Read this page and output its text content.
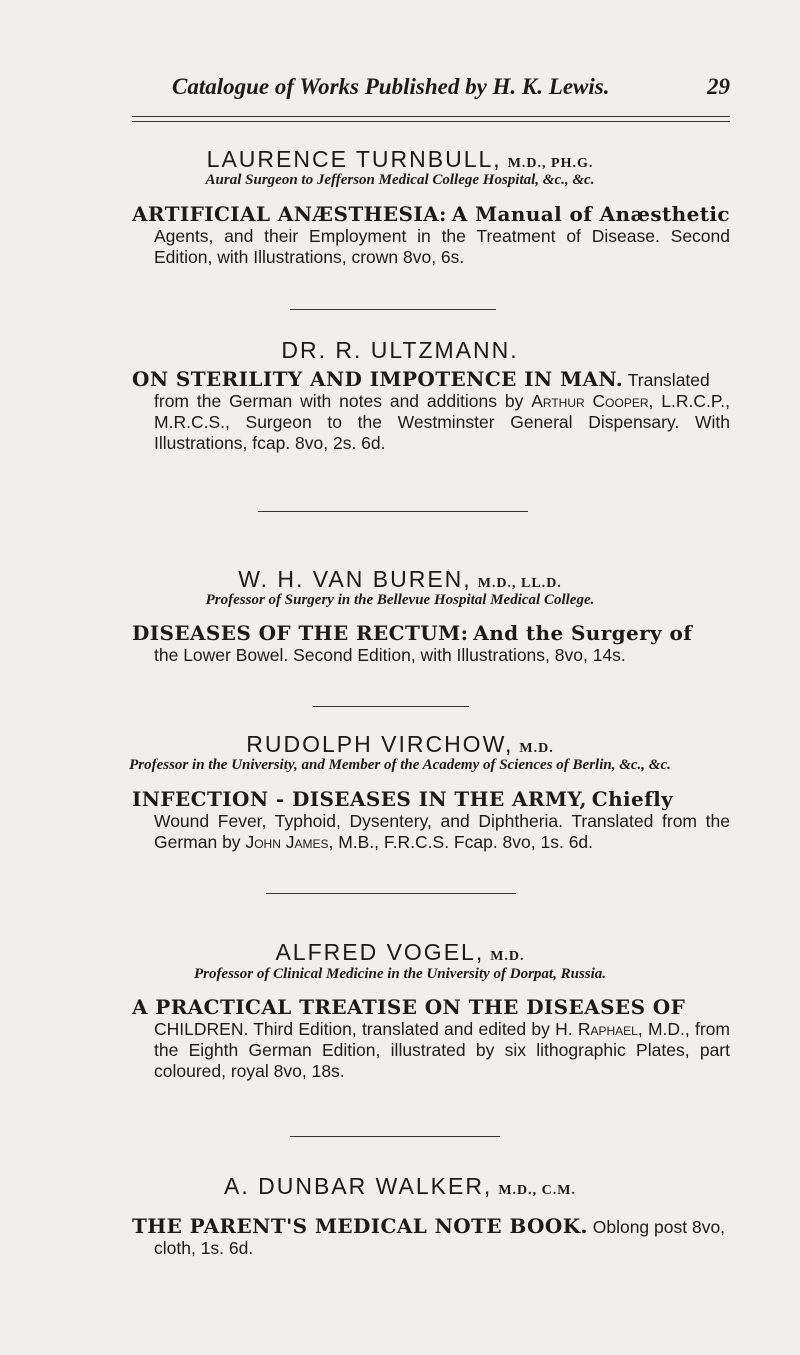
Catalogue of Works Published by H. K. Lewis.	29
LAURENCE TURNBULL, M.D., PH.G.
Aural Surgeon to Jefferson Medical College Hospital, &c., &c.
ARTIFICIAL ANÆSTHESIA: A Manual of Anæsthetic
Agents, and their Employment in the Treatment of Disease. Second Edition, with Illustrations, crown 8vo, 6s.
DR. R. ULTZMANN.
ON STERILITY AND IMPOTENCE IN MAN. Translated
from the German with notes and additions by Arthur Cooper, L.R.C.P., M.R.C.S., Surgeon to the Westminster General Dispensary. With Illustrations, fcap. 8vo, 2s. 6d.
W. H. VAN BUREN, M.D., LL.D.
Professor of Surgery in the Bellevue Hospital Medical College.
DISEASES OF THE RECTUM: And the Surgery of
the Lower Bowel. Second Edition, with Illustrations, 8vo, 14s.
RUDOLPH VIRCHOW, M.D.
Professor in the University, and Member of the Academy of Sciences of Berlin, &c., &c.
INFECTION - DISEASES IN THE ARMY, Chiefly
Wound Fever, Typhoid, Dysentery, and Diphtheria. Translated from the German by John James, M.B., F.R.C.S. Fcap. 8vo, 1s. 6d.
ALFRED VOGEL, M.D.
Professor of Clinical Medicine in the University of Dorpat, Russia.
A PRACTICAL TREATISE ON THE DISEASES OF
CHILDREN. Third Edition, translated and edited by H. Raphael, M.D., from the Eighth German Edition, illustrated by six lithographic Plates, part coloured, royal 8vo, 18s.
A. DUNBAR WALKER, M.D., C.M.
THE PARENT'S MEDICAL NOTE BOOK. Oblong post 8vo,
cloth, 1s. 6d.
